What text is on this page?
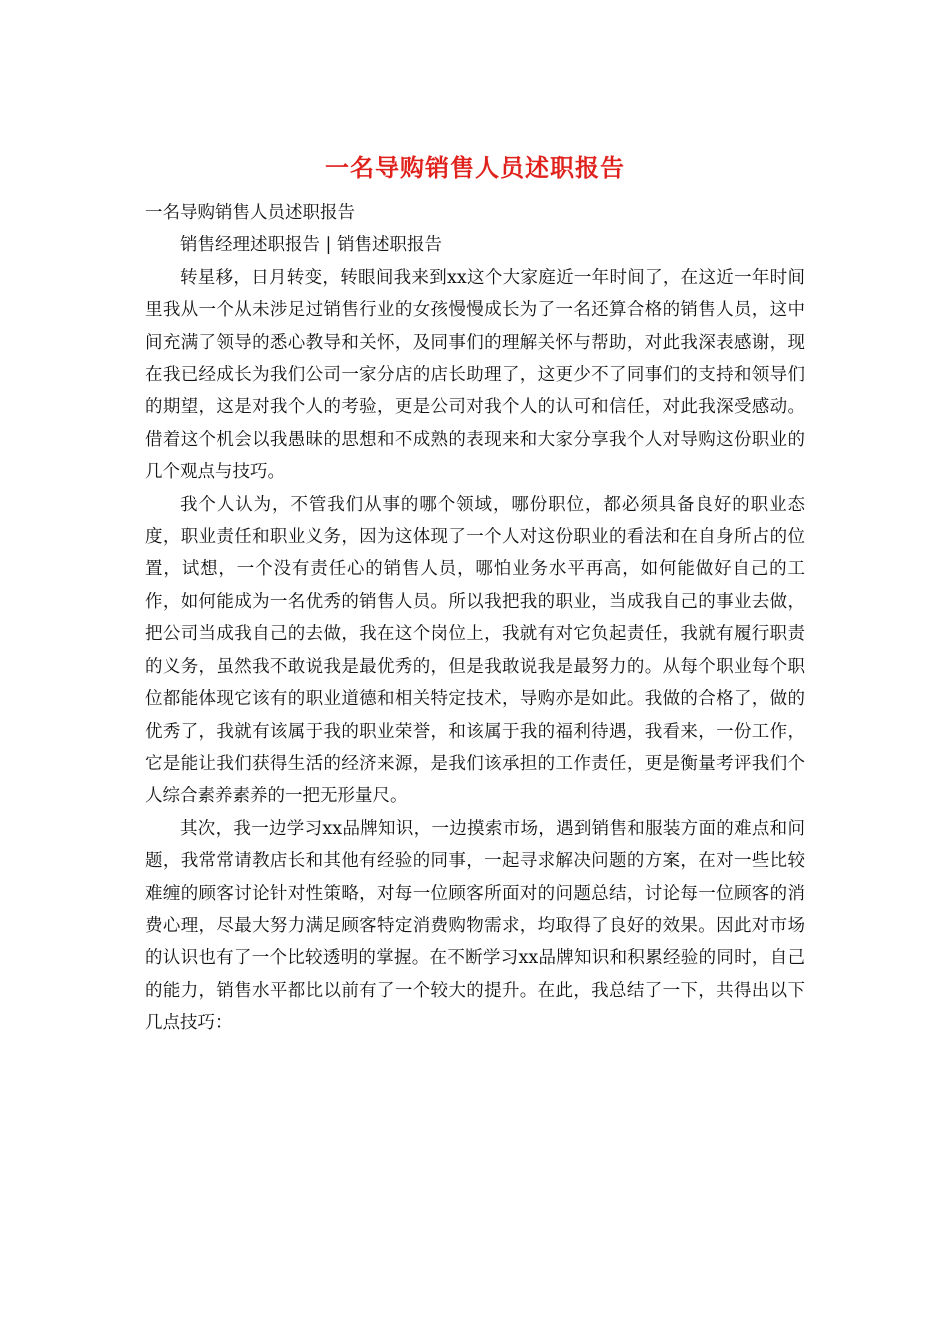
一名导购销售人员述职报告

一名导购销售人员述职报告

销售经理述职报告 | 销售述职报告

转星移，日月转变，转眼间我来到xx这个大家庭近一年时间了，在这近一年时间里我从一个从未涉足过销售行业的女孩慢慢成长为了一名还算合格的销售人员，这中间充满了领导的悉心教导和关怀，及同事们的理解关怀与帮助，对此我深表感谢，现在我已经成长为我们公司一家分店的店长助理了，这更少不了同事们的支持和领导们的期望，这是对我个人的考验，更是公司对我个人的认可和信任，对此我深受感动。借着这个机会以我愚昧的思想和不成熟的表现来和大家分享我个人对导购这份职业的几个观点与技巧。

我个人认为，不管我们从事的哪个领域，哪份职位，都必须具备良好的职业态度，职业责任和职业义务，因为这体现了一个人对这份职业的看法和在自身所占的位置，试想，一个没有责任心的销售人员，哪怕业务水平再高，如何能做好自己的工作，如何能成为一名优秀的销售人员。所以我把我的职业，当成我自己的事业去做，把公司当成我自己的去做，我在这个岗位上，我就有对它负起责任，我就有履行职责的义务，虽然我不敢说我是最优秀的，但是我敢说我是最努力的。从每个职业每个职位都能体现它该有的职业道德和相关特定技术，导购亦是如此。我做的合格了，做的优秀了，我就有该属于我的职业荣誉，和该属于我的福利待遇，我看来，一份工作，它是能让我们获得生活的经济来源，是我们该承担的工作责任，更是衡量考评我们个人综合素养素养的一把无形量尺。

其次，我一边学习xx品牌知识，一边摸索市场，遇到销售和服装方面的难点和问题，我常常请教店长和其他有经验的同事，一起寻求解决问题的方案，在对一些比较难缠的顾客讨论针对性策略，对每一位顾客所面对的问题总结，讨论每一位顾客的消费心理，尽最大努力满足顾客特定消费购物需求，均取得了良好的效果。因此对市场的认识也有了一个比较透明的掌握。在不断学习xx品牌知识和积累经验的同时，自己的能力，销售水平都比以前有了一个较大的提升。在此，我总结了一下，共得出以下几点技巧：
